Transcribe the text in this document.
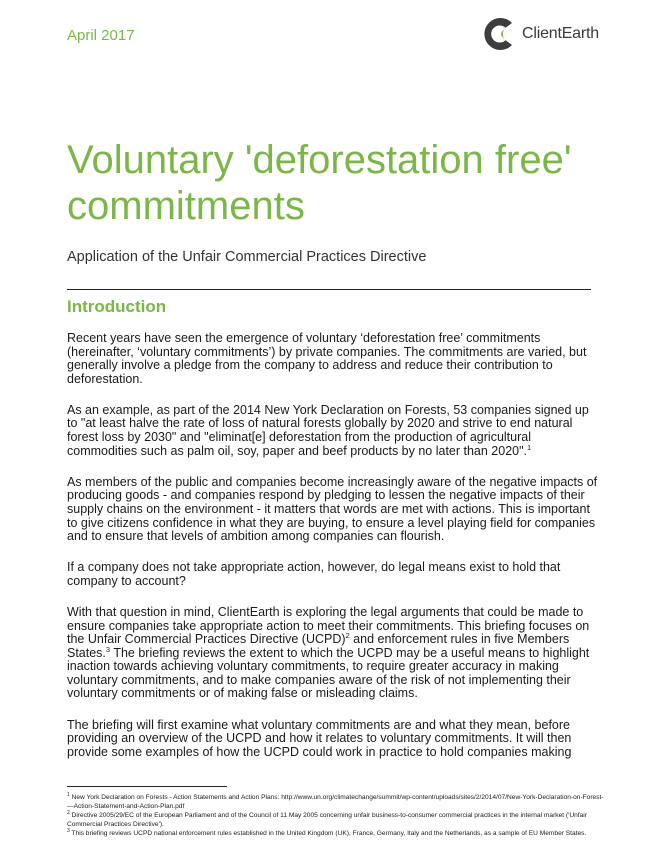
April 2017	ClientEarth
Voluntary 'deforestation free' commitments
Application of the Unfair Commercial Practices Directive
Introduction

Recent years have seen the emergence of voluntary ‘deforestation free’ commitments (hereinafter, ‘voluntary commitments’) by private companies. The commitments are varied, but generally involve a pledge from the company to address and reduce their contribution to deforestation.

As an example, as part of the 2014 New York Declaration on Forests, 53 companies signed up to "at least halve the rate of loss of natural forests globally by 2020 and strive to end natural forest loss by 2030" and "eliminat[e] deforestation from the production of agricultural commodities such as palm oil, soy, paper and beef products by no later than 2020".$^1$

As members of the public and companies become increasingly aware of the negative impacts of producing goods - and companies respond by pledging to lessen the negative impacts of their supply chains on the environment - it matters that words are met with actions. This is important to give citizens confidence in what they are buying, to ensure a level playing field for companies and to ensure that levels of ambition among companies can flourish.

If a company does not take appropriate action, however, do legal means exist to hold that company to account?

With that question in mind, ClientEarth is exploring the legal arguments that could be made to ensure companies take appropriate action to meet their commitments. This briefing focuses on the Unfair Commercial Practices Directive (UCPD)$^2$ and enforcement rules in five Members States.$^3$ The briefing reviews the extent to which the UCPD may be a useful means to highlight inaction towards achieving voluntary commitments, to require greater accuracy in making voluntary commitments, and to make companies aware of the risk of not implementing their voluntary commitments or of making false or misleading claims.

The briefing will first examine what voluntary commitments are and what they mean, before providing an overview of the UCPD and how it relates to voluntary commitments. It will then provide some examples of how the UCPD could work in practice to hold companies making

$^1$ New York Declaration on Forests - Action Statements and Action Plans: http://www.un.org/climatechange/summit/wp-content/uploads/sites/2/2014/07/New-York-Declaration-on-Forest-—Action-Statement-and-Action-Plan.pdf
$^2$ Directive 2005/29/EC of the European Parliament and of the Council of 11 May 2005 concerning unfair business-to-consumer commercial practices in the internal market ('Unfair Commercial Practices Directive').
$^3$ This briefing reviews UCPD national enforcement rules established in the United Kingdom (UK), France, Germany, Italy and the Netherlands, as a sample of EU Member States.
